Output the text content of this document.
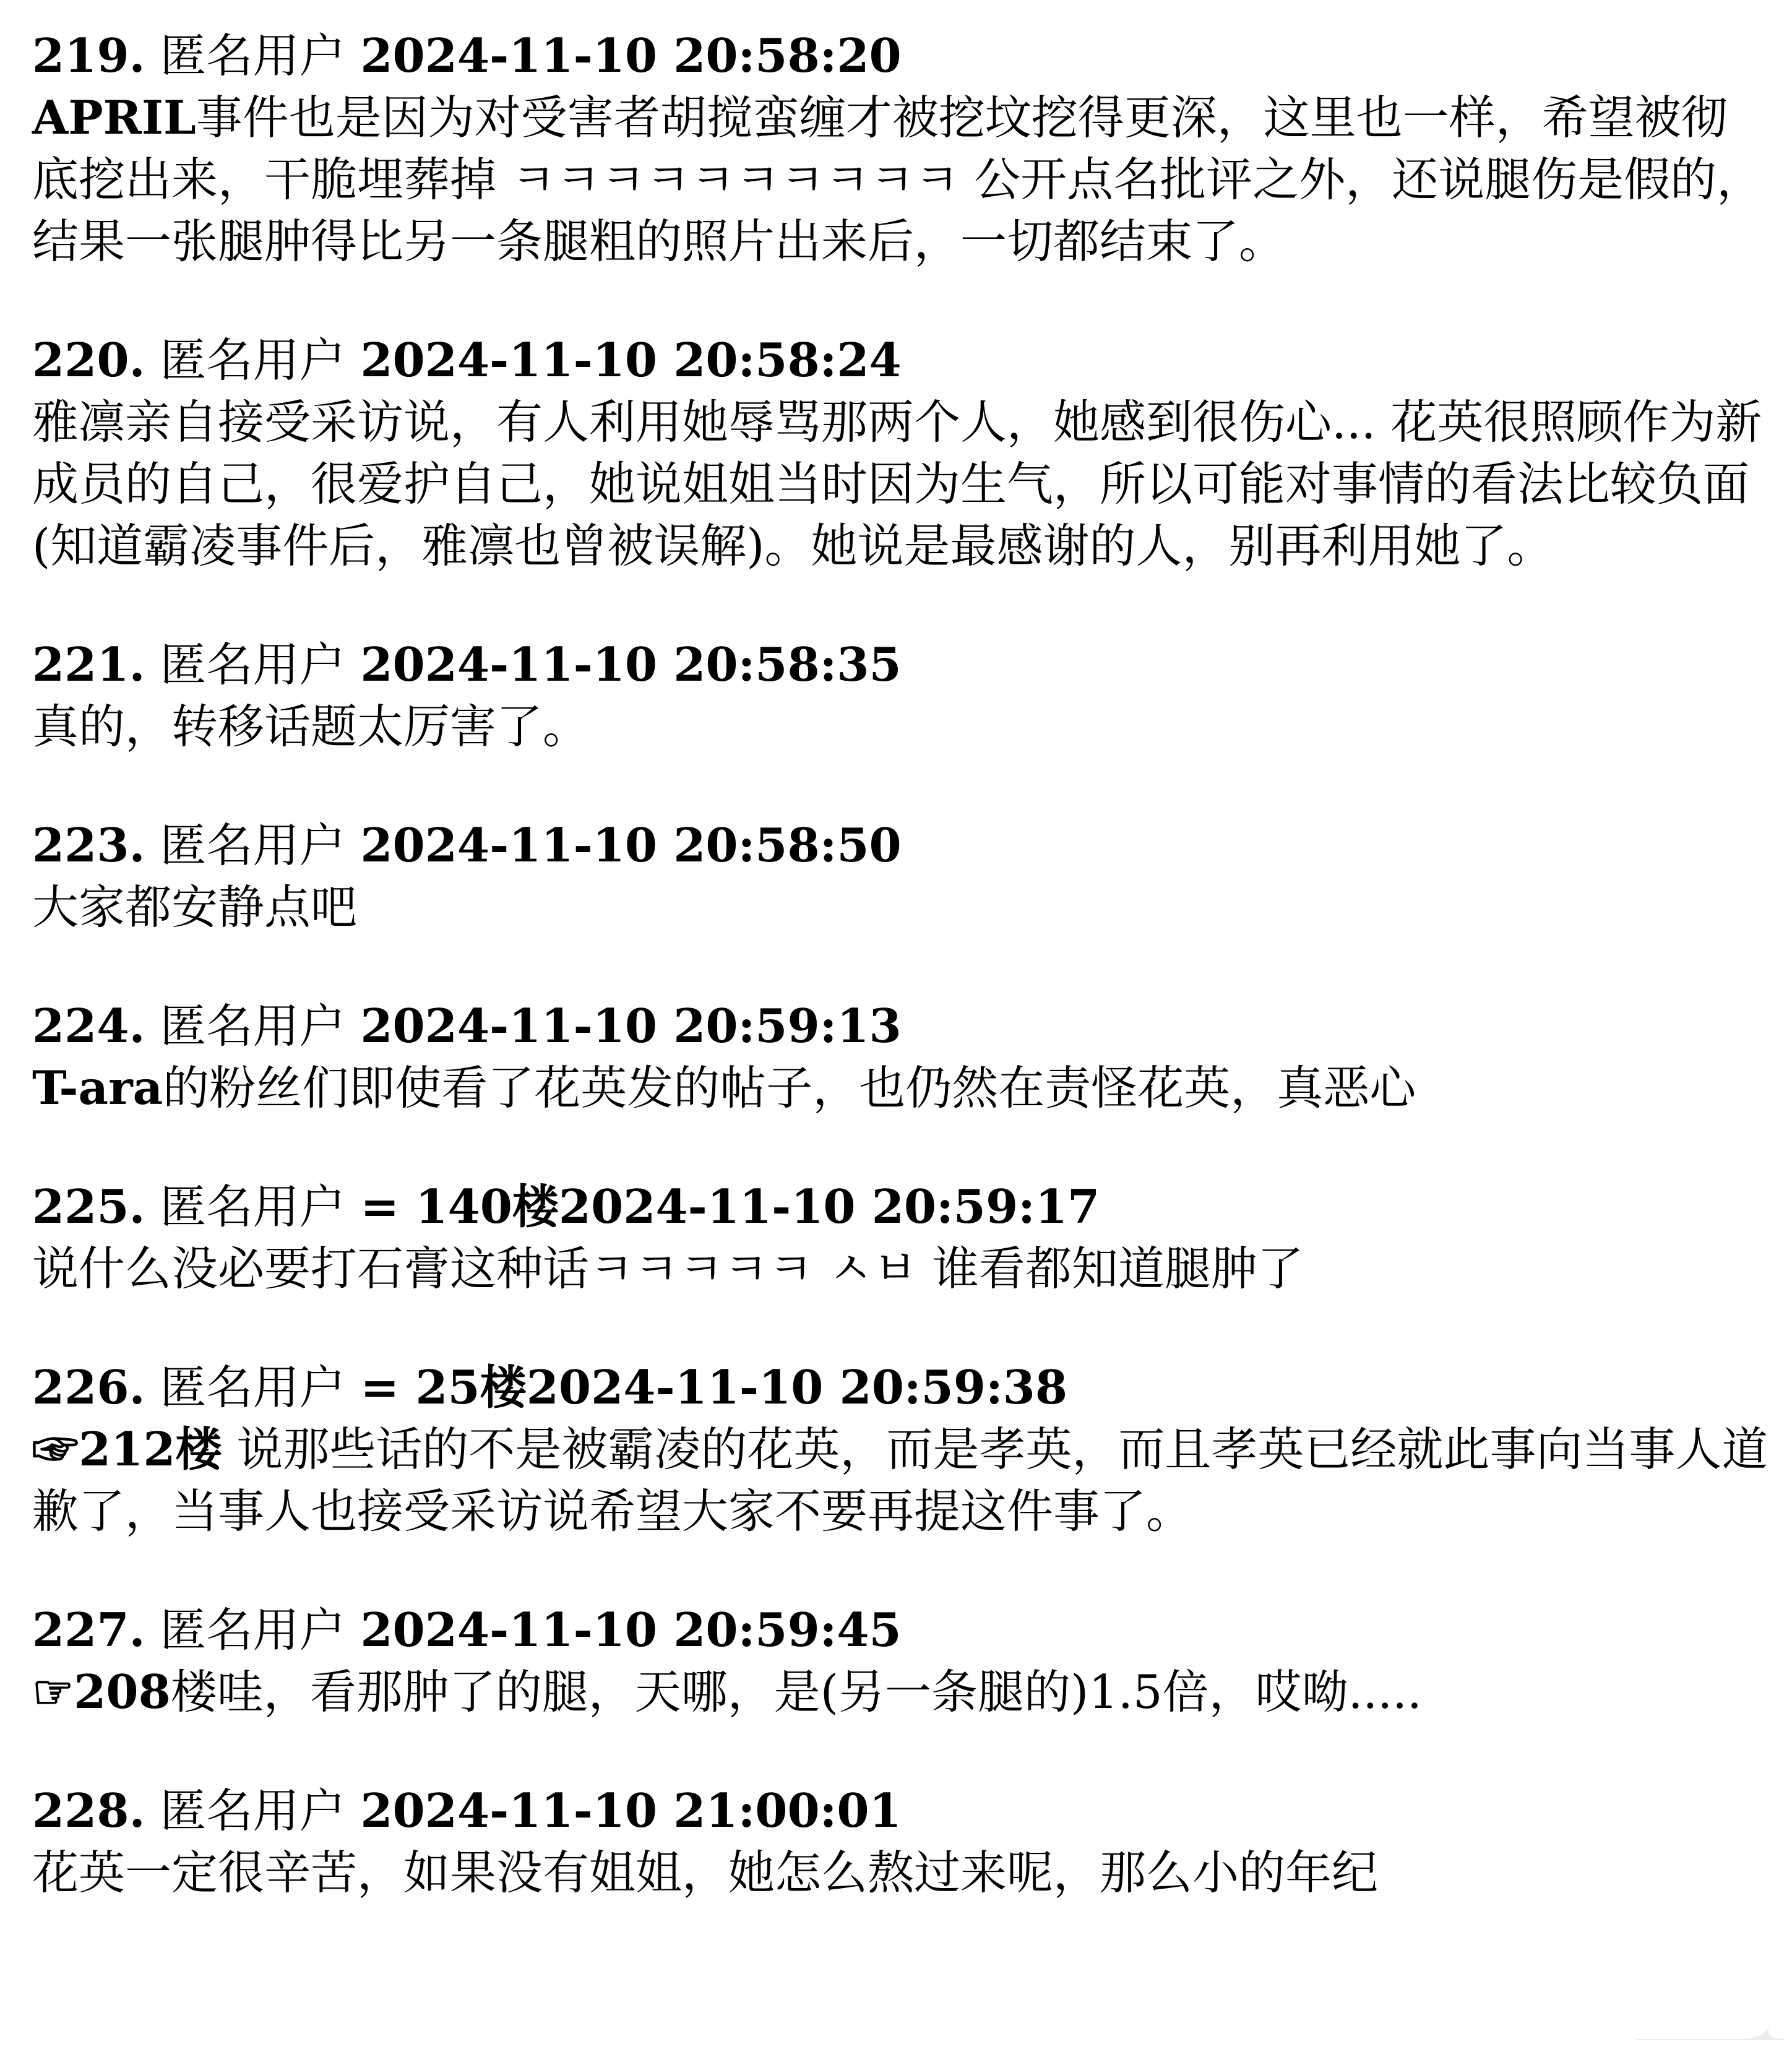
219. 匿名用户 2024-11-10 20:58:20
APRIL事件也是因为对受害者胡搅蛮缠才被挖坟挖得更深，这里也一样，希望被彻底挖出来，干脆埋葬掉 ㅋㅋㅋㅋㅋㅋㅋㅋㅋㅋ 公开点名批评之外，还说腿伤是假的，结果一张腿肿得比另一条腿粗的照片出来后，一切都结束了。
220. 匿名用户 2024-11-10 20:58:24
雅凛亲自接受采访说，有人利用她辱骂那两个人，她感到很伤心... 花英很照顾作为新成员的自己，很爱护自己，她说姐姐当时因为生气，所以可能对事情的看法比较负面(知道霸凌事件后，雅凛也曾被误解)。她说是最感谢的人，别再利用她了。
221. 匿名用户 2024-11-10 20:58:35
真的，转移话题太厉害了。
223. 匿名用户 2024-11-10 20:58:50
大家都安静点吧
224. 匿名用户 2024-11-10 20:59:13
T-ara的粉丝们即使看了花英发的帖子，也仍然在责怪花英，真恶心
225. 匿名用户 = 140楼2024-11-10 20:59:17
说什么没必要打石膏这种话ㅋㅋㅋㅋㅋ ㅅㅂ 谁看都知道腿肿了
226. 匿名用户 = 25楼2024-11-10 20:59:38
☞212楼 说那些话的不是被霸凌的花英，而是孝英，而且孝英已经就此事向当事人道歉了，当事人也接受采访说希望大家不要再提这件事了。
227. 匿名用户 2024-11-10 20:59:45
☞208楼哇，看那肿了的腿，天哪，是(另一条腿的)1.5倍，哎呦.....
228. 匿名用户 2024-11-10 21:00:01
花英一定很辛苦，如果没有姐姐，她怎么熬过来呢，那么小的年纪
